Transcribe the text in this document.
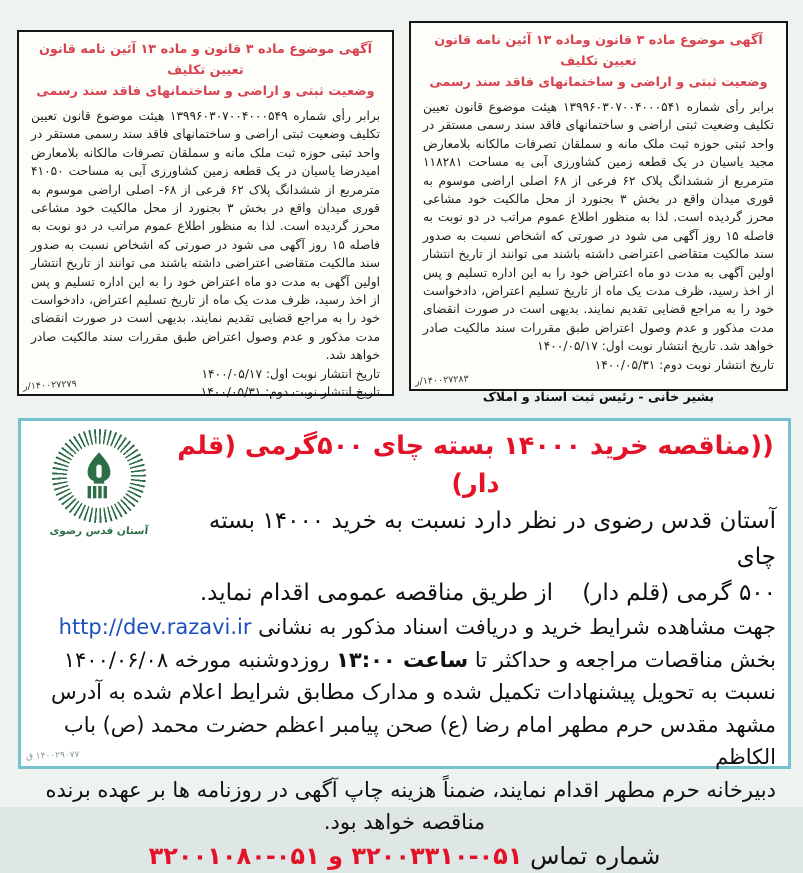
آگهی موضوع ماده ۳ قانون وماده ۱۳ آئین نامه قانون تعیین تکلیف
وضعیت ثبتی و اراضی و ساختمانهای فاقد سند رسمی
برابر رأی شماره ۱۳۹۹۶۰۳۰۷۰۰۴۰۰۰۵۴۱ هیئت موضوع قانون تعیین تکلیف وضعیت ثبتی اراضی و ساختمانهای فاقد سند رسمی مستقر در واحد ثبتی حوزه ثبت ملک مانه و سملقان تصرفات مالکانه بلامعارض مجید یاسیان در یک قطعه زمین کشاورزی آبی به مساحت ۱۱۸۲۸۱ مترمربع از ششدانگ پلاک ۶۲ فرعی از ۶۸ اصلی اراضی موسوم به قوری میدان واقع در بخش ۳ بجنورد از محل مالکیت خود مشاعی محرز گردیده است. لذا به منظور اطلاع عموم مراتب در دو نوبت به فاصله ۱۵ روز آگهی می شود در صورتی که اشخاص نسبت به صدور سند مالکیت متقاضی اعتراضی داشته باشند می توانند از تاریخ انتشار اولین آگهی به مدت دو ماه اعتراض خود را به این اداره تسلیم و پس از اخذ رسید، ظرف مدت یک ماه از تاریخ تسلیم اعتراض، دادخواست خود را به مراجع قضایی تقدیم نمایند. بدیهی است در صورت انقضای مدت مذکور و عدم وصول اعتراض طبق مقررات سند مالکیت صادر خواهد شد. تاریخ انتشار نوبت اول: ۱۴۰۰/۰۵/۱۷
تاریخ انتشار نوبت دوم: ۱۴۰۰/۰۵/۳۱
بشیر خانی - رئیس ثبت اسناد و املاک
۱۴۰۰۲۷۲۸۳/ر
آگهی موضوع ماده ۳ قانون و ماده ۱۳ آئین نامه قانون تعیین تکلیف
وضعیت ثبتی و اراضی و ساختمانهای فاقد سند رسمی
برابر رأی شماره ۱۳۹۹۶۰۳۰۷۰۰۴۰۰۰۵۴۹ هیئت موضوع قانون تعیین تکلیف وضعیت ثبتی اراضی و ساختمانهای فاقد سند رسمی مستقر در واحد ثبتی حوزه ثبت ملک مانه و سملقان تصرفات مالکانه بلامعارض امیدرضا یاسیان در یک قطعه زمین کشاورزی آبی به مساحت ۴۱۰۵۰ مترمربع از ششدانگ پلاک ۶۲ فرعی از ۶۸- اصلی اراضی موسوم به قوری میدان واقع در بخش ۳ بجنورد از محل مالکیت خود مشاعی محرز گردیده است. لذا به منظور اطلاع عموم مراتب در دو نوبت به فاصله ۱۵ روز آگهی می شود در صورتی که اشخاص نسبت به صدور سند مالکیت متقاضی اعتراضی داشته باشند می توانند از تاریخ انتشار اولین آگهی به مدت دو ماه اعتراض خود را به این اداره تسلیم و پس از اخذ رسید، ظرف مدت یک ماه از تاریخ تسلیم اعتراض، دادخواست خود را به مراجع قضایی تقدیم نمایند. بدیهی است در صورت انقضای مدت مذکور و عدم وصول اعتراض طبق مقررات سند مالکیت صادر خواهد شد.
تاریخ انتشار نوبت اول: ۱۴۰۰/۰۵/۱۷
تاریخ انتشار نوبت دوم: ۱۴۰۰/۰۵/۳۱
۱۴۰۰۲۷۲۷۹/ر
آستان قدس رضوی
((مناقصه خرید ۱۴۰۰۰ بسته چای ۵۰۰گرمی (قلم دار)
آستان قدس رضوی در نظر دارد نسبت به خرید ۱۴۰۰۰ بسته چای
۵۰۰ گرمی (قلم دار)    از طریق مناقصه عمومی اقدام نماید.
جهت مشاهده شرایط خرید و دریافت اسناد مذکور به نشانی http://dev.razavi.ir
بخش مناقصات مراجعه و حداکثر تا ساعت ۱۳:۰۰ روزدوشنبه مورخه ۱۴۰۰/۰۶/۰۸
نسبت به تحویل پیشنهادات تکمیل شده و مدارک مطابق شرایط اعلام شده به آدرس
مشهد مقدس حرم مطهر امام رضا (ع) صحن پیامبر اعظم حضرت محمد (ص) باب الکاظم
دبیرخانه حرم مطهر اقدام نمایند، ضمناً هزینه چاپ آگهی در روزنامه ها بر عهده برنده
مناقصه خواهد بود.
شماره تماس ۰۵۱-۳۲۰۰۳۳۱۰ و ۰۵۱-۳۲۰۰۱۰۸۰
۱۴۰۰۲۹۰۷۷ ق
